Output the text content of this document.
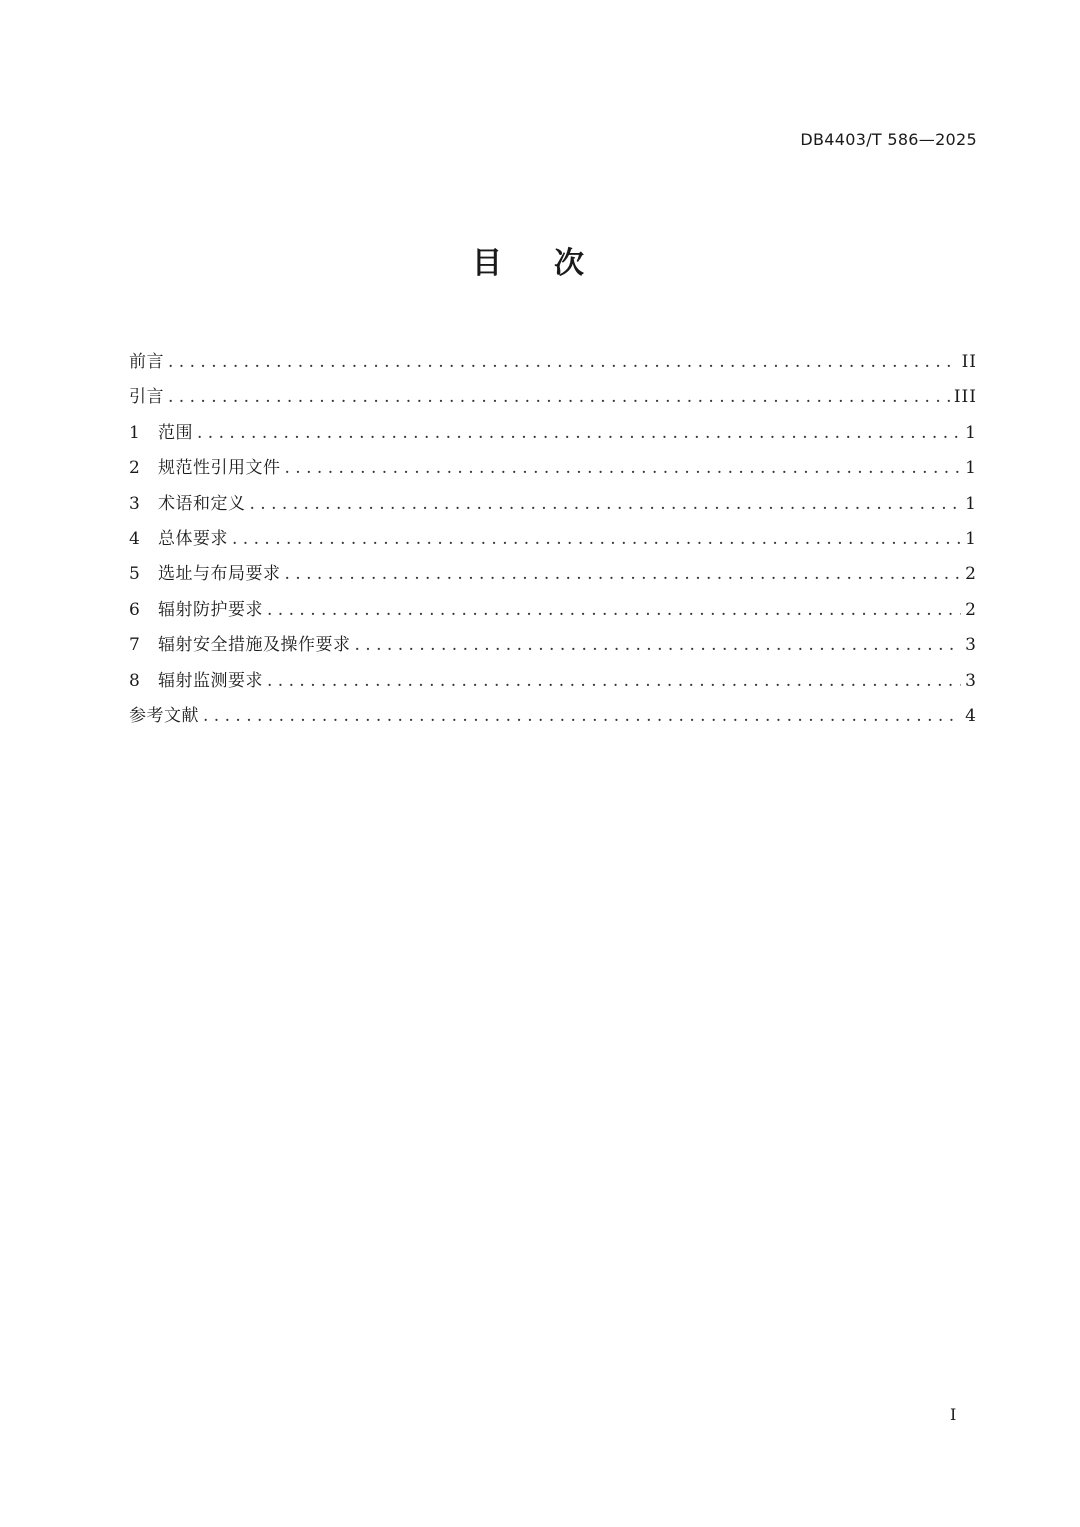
DB4403/T 586—2025
目次
前言 . . .	II
引言 . . .	III
1	范围 . . .	1
2	规范性引用文件 . . .	1
3	术语和定义 . . .	1
4	总体要求 . . .	1
5	选址与布局要求 . . .	2
6	辐射防护要求 . . .	2
7	辐射安全措施及操作要求 . . .	3
8	辐射监测要求 . . .	3
参考文献 . . .	4
I
